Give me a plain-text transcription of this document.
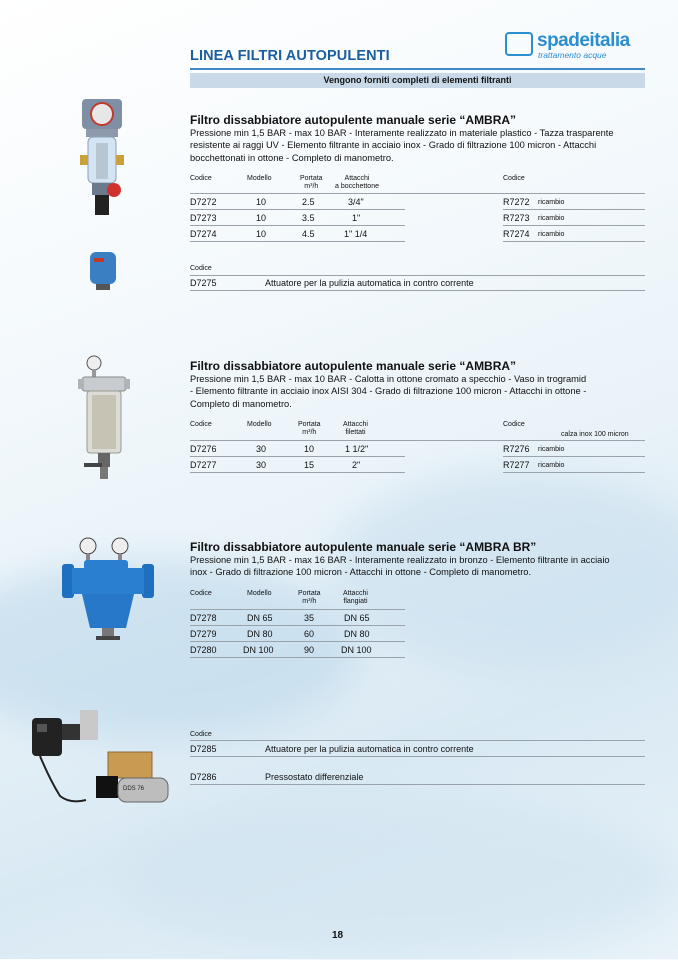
LINEA FILTRI AUTOPULENTI
spadeitalia
trattamento acque
Vengono forniti completi di elementi filtranti
DDS 76
Filtro dissabbiatore autopulente manuale serie “AMBRA”

Pressione min 1,5 BAR - max 10 BAR - Interamente realizzato in materiale plastico - Tazza trasparente
resistente ai raggi UV - Elemento filtrante in acciaio inox - Grado di filtrazione 100 micron - Attacchi
bocchettonati in ottone - Completo di manometro.

Codice	Modello	Portata
m³/h
Attacchi
a bocchettone
Codice
D7272	10	2.5	3/4"	R7272 ricambio
D7273	10	3.5	1"	R7273 ricambio
D7274	10	4.5	1" 1/4	R7274 ricambio
Codice
D7275	Attuatore per la pulizia automatica in contro corrente
Filtro dissabbiatore autopulente manuale serie “AMBRA”

Pressione min 1,5 BAR - max 10 BAR - Calotta in ottone cromato a specchio - Vaso in trogramid
- Elemento filtrante in acciaio inox AISI 304 - Grado di filtrazione 100 micron - Attacchi in ottone -
Completo di manometro.

Codice	Modello	Portata
m³/h
Attacchi
filettati
Codice
calza inox 100 micron
D7276	30	10	1 1/2"	R7276 ricambio
D7277	30	15	2"	R7277 ricambio
Filtro dissabbiatore autopulente manuale serie “AMBRA BR”

Pressione min 1,5 BAR - max 16 BAR - Interamente realizzato in bronzo - Elemento filtrante in acciaio
inox - Grado di filtrazione 100 micron - Attacchi in ottone - Completo di manometro.

Codice	Modello	Portata
m³/h
Attacchi
flangiati
D7278	DN 65	35	DN 65
D7279	DN 80	60	DN 80
D7280	DN 100	90	DN 100
Codice
D7285	Attuatore per la pulizia automatica in contro corrente
D7286	Pressostato differenziale
18
